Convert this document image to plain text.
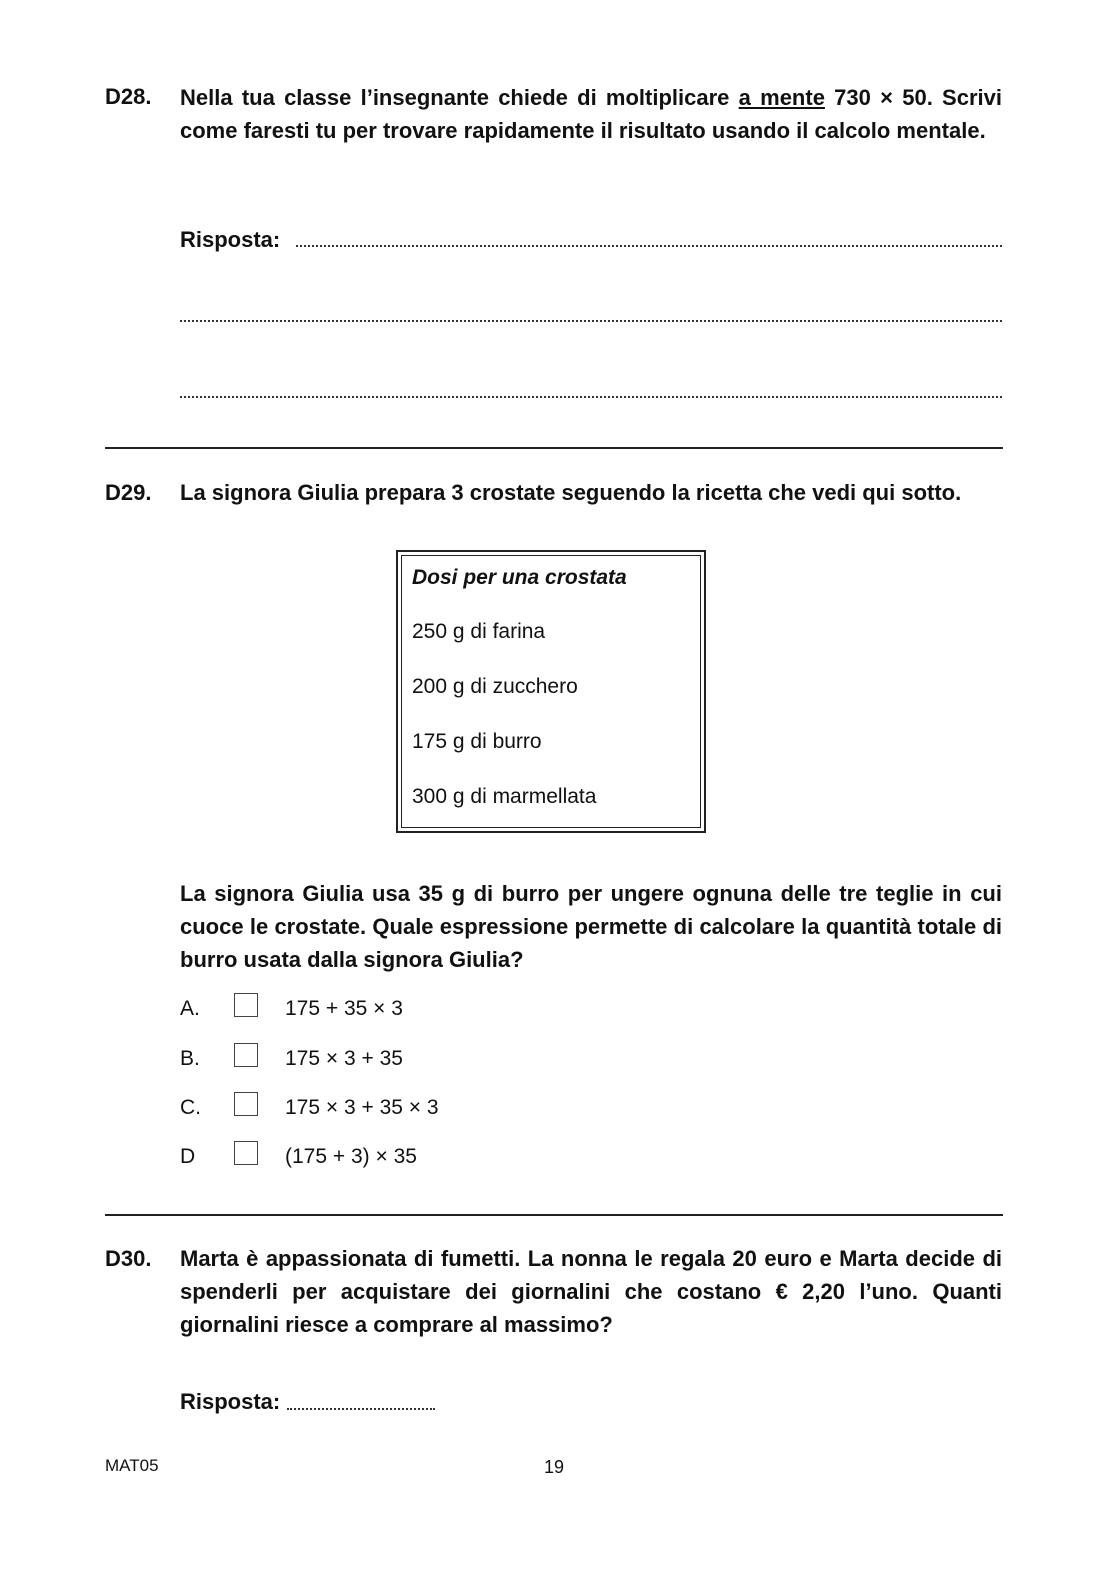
D28. Nella tua classe l’insegnante chiede di moltiplicare a mente 730 × 50. Scrivi come faresti tu per trovare rapidamente il risultato usando il calcolo mentale.
Risposta:
D29. La signora Giulia prepara 3 crostate seguendo la ricetta che vedi qui sotto.
Dosi per una crostata
250 g di farina
200 g di zucchero
175 g di burro
300 g di marmellata
La signora Giulia usa 35 g di burro per ungere ognuna delle tre teglie in cui cuoce le crostate. Quale espressione permette di calcolare la quantità totale di burro usata dalla signora Giulia?
A.	175 + 35 × 3
B.	175 × 3 + 35
C.	175 × 3 + 35 × 3
D	(175 + 3) × 35
D30. Marta è appassionata di fumetti. La nonna le regala 20 euro e Marta decide di spenderli per acquistare dei giornalini che costano € 2,20 l’uno. Quanti giornalini riesce a comprare al massimo?
Risposta:
MAT05	19
